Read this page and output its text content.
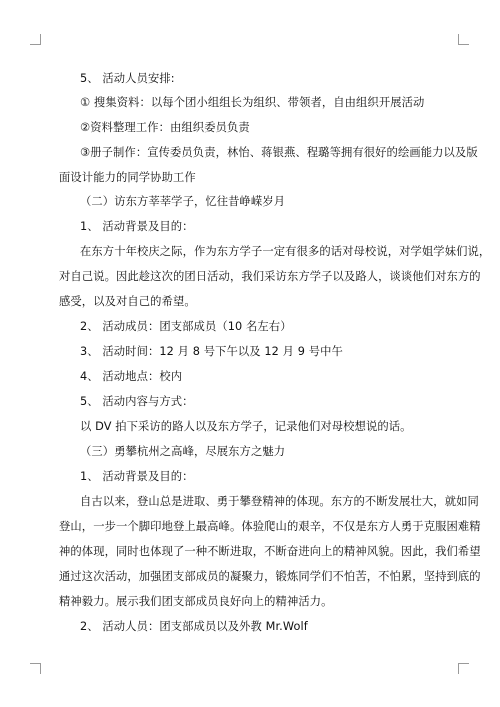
5、 活动人员安排:
① 搜集资料：以每个团小组组长为组织、带领者，自由组织开展活动
②资料整理工作：由组织委员负责
③册子制作：宣传委员负责，林怡、蒋银燕、程璐等拥有很好的绘画能力以及版
面设计能力的同学协助工作
（二）访东方莘莘学子，忆往昔峥嵘岁月
1、 活动背景及目的：
在东方十年校庆之际，作为东方学子一定有很多的话对母校说，对学姐学妹们说，
对自己说。因此趁这次的团日活动，我们采访东方学子以及路人，谈谈他们对东方的
感受，以及对自己的希望。
2、 活动成员：团支部成员（10 名左右）
3、 活动时间：12 月 8 号下午以及 12 月 9 号中午
4、 活动地点：校内
5、 活动内容与方式：
以 DV 拍下采访的路人以及东方学子，记录他们对母校想说的话。
（三）勇攀杭州之高峰，尽展东方之魅力
1、 活动背景及目的：
自古以来，登山总是进取、勇于攀登精神的体现。东方的不断发展壮大，就如同
登山，一步一个脚印地登上最高峰。体验爬山的艰辛，不仅是东方人勇于克服困难精
神的体现，同时也体现了一种不断进取，不断奋进向上的精神风貌。因此，我们希望
通过这次活动，加强团支部成员的凝聚力，锻炼同学们不怕苦，不怕累，坚持到底的
精神毅力。展示我们团支部成员良好向上的精神活力。
2、 活动人员：团支部成员以及外教 Mr.Wolf
